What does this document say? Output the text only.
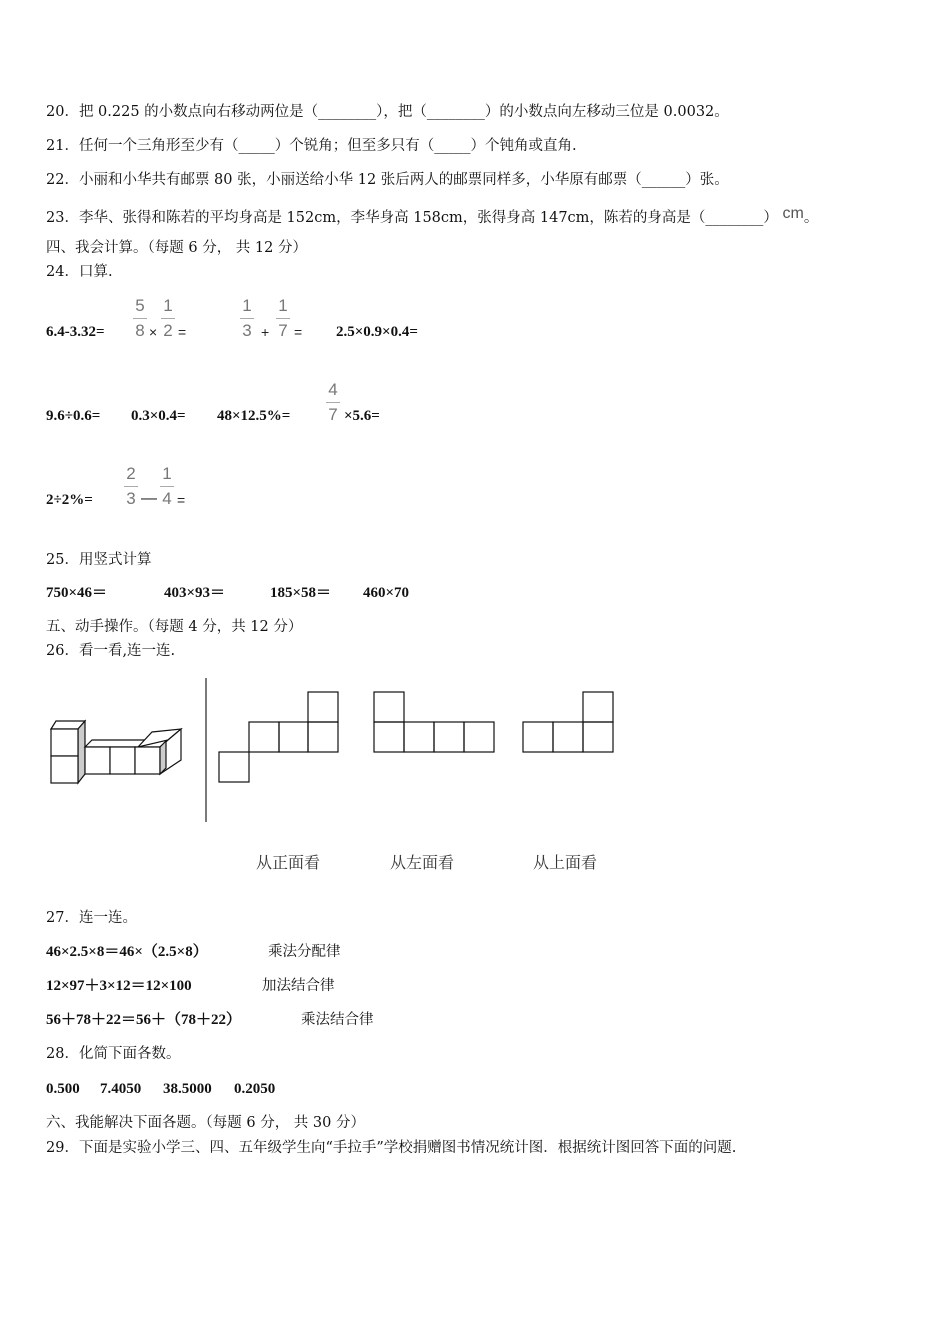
20．把 0.225 的小数点向右移动两位是（________），把（________）的小数点向左移动三位是 0.0032。
21．任何一个三角形至少有（_____）个锐角；但至多只有（_____）个钝角或直角.
22．小丽和小华共有邮票 80 张，小丽送给小华 12 张后两人的邮票同样多，小华原有邮票（______）张。
23．李华、张得和陈若的平均身高是 152cm，李华身高 158cm，张得身高 147cm，陈若的身高是（________） cm。
四、我会计算。（每题 6 分， 共 12 分）
24．口算.
6.4-3.32=
5
8 ×
1
2 =
1
3 +
1
7 = 2.5×0.9×0.4=
9.6÷0.6= 0.3×0.4= 48×12.5%=
4
7 ×5.6=
2÷2%=
2
3 —
1
4 =
25．用竖式计算
750×46＝	403×93＝	185×58＝ 460×70
五、动手操作。（每题 4 分，共 12 分）
26．看一看,连一连.
从正面看	从左面看	从上面看
27．连一连。
46×2.5×8＝46×（2.5×8）	乘法分配律
12×97＋3×12＝12×100	加法结合律
56＋78＋22＝56＋（78＋22）	乘法结合律
28．化简下面各数。
0.500 7.4050 38.5000 0.2050
六、我能解决下面各题。（每题 6 分， 共 30 分）
29．下面是实验小学三、四、五年级学生向“手拉手”学校捐赠图书情况统计图．根据统计图回答下面的问题.
